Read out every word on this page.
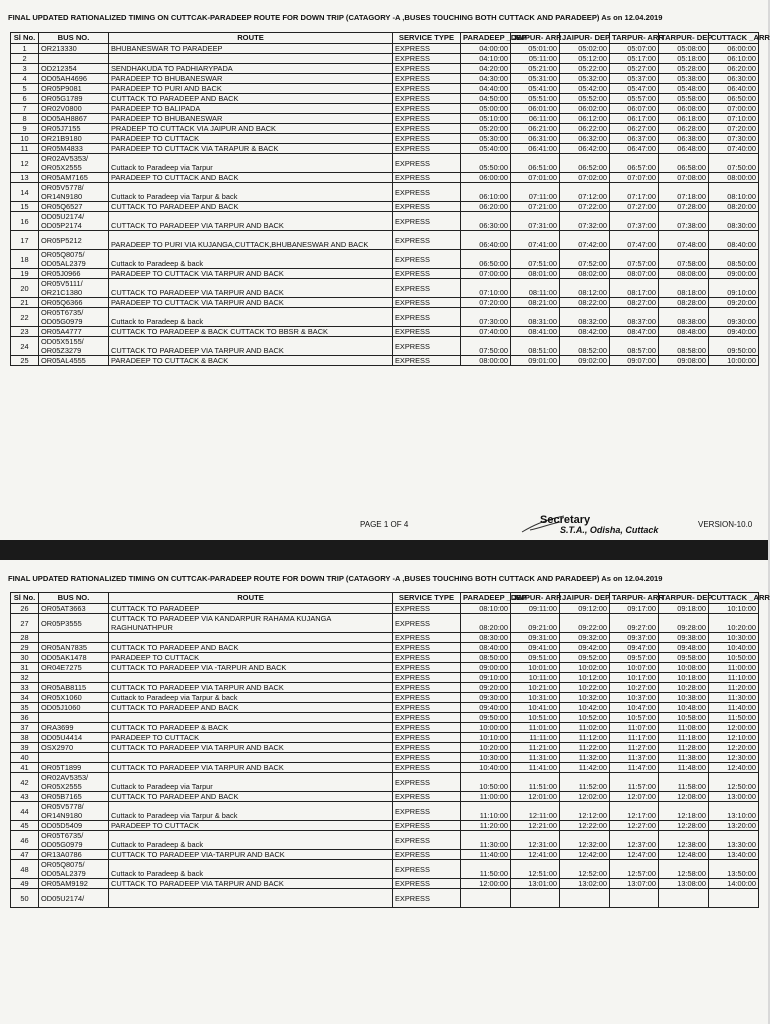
FINAL UPDATED RATIONALIZED TIMING ON CUTTCAK-PARADEEP ROUTE FOR DOWN TRIP (CATAGORY -A ,BUSES TOUCHING BOTH CUTTACK AND PARADEEP) As on 12.04.2019
Sl No.	BUS NO.	ROUTE	SERVICE TYPE	PARADEEP _DEP	JAIPUR- ARR	JAIPUR- DEP	TARPUR- ARR	TARPUR- DEP	CUTTACK _ARR
1	OR213330	BHUBANESWAR TO PARADEEP	EXPRESS	04:00:00	05:01:00	05:02:00	05:07:00	05:08:00	06:00:00
2			EXPRESS	04:10:00	05:11:00	05:12:00	05:17:00	05:18:00	06:10:00
3	OD212354	SENDHAKUDA TO PADHIARYPADA	EXPRESS	04:20:00	05:21:00	05:22:00	05:27:00	05:28:00	06:20:00
4	OD05AH4696	PARADEEP TO BHUBANESWAR	EXPRESS	04:30:00	05:31:00	05:32:00	05:37:00	05:38:00	06:30:00
5	OR05P9081	PARADEEP TO PURI AND BACK	EXPRESS	04:40:00	05:41:00	05:42:00	05:47:00	05:48:00	06:40:00
6	OR05G1789	CUTTACK TO PARADEEP AND BACK	EXPRESS	04:50:00	05:51:00	05:52:00	05:57:00	05:58:00	06:50:00
7	OR02V0800	PARADEEP TO BALIPADA	EXPRESS	05:00:00	06:01:00	06:02:00	06:07:00	06:08:00	07:00:00
8	OD05AH8867	PARADEEP TO BHUBANESWAR	EXPRESS	05:10:00	06:11:00	06:12:00	06:17:00	06:18:00	07:10:00
9	OR05J7155	PRADEEP TO CUTTACK VIA JAIPUR AND BACK	EXPRESS	05:20:00	06:21:00	06:22:00	06:27:00	06:28:00	07:20:00
10	OR21B9180	PARADEEP TO CUTTACK	EXPRESS	05:30:00	06:31:00	06:32:00	06:37:00	06:38:00	07:30:00
11	OR05M4833	PARADEEP TO CUTTACK VIA TARAPUR & BACK	EXPRESS	05:40:00	06:41:00	06:42:00	06:47:00	06:48:00	07:40:00
12	OR02AV5353/ OR05X2555	Cuttack to Paradeep via Tarpur	EXPRESS	05:50:00	06:51:00	06:52:00	06:57:00	06:58:00	07:50:00
13	OR05AM7165	PARADEEP TO CUTTACK AND BACK	EXPRESS	06:00:00	07:01:00	07:02:00	07:07:00	07:08:00	08:00:00
14	OR05V5778/ OR14N9180	Cuttack to Paradeep via Tarpur & back	EXPRESS	06:10:00	07:11:00	07:12:00	07:17:00	07:18:00	08:10:00
15	OR05Q6527	CUTTACK TO PARADEEP AND BACK	EXPRESS	06:20:00	07:21:00	07:22:00	07:27:00	07:28:00	08:20:00
16	OD05U2174/ OD05P2174	CUTTACK TO PARADEEP VIA TARPUR AND BACK	EXPRESS	06:30:00	07:31:00	07:32:00	07:37:00	07:38:00	08:30:00
17	OR05P5212	PARADEEP TO PURI VIA KUJANGA,CUTTACK,BHUBANESWAR AND BACK	EXPRESS	06:40:00	07:41:00	07:42:00	07:47:00	07:48:00	08:40:00
18	OR05Q8075/ OD05AL2379	Cuttack to Paradeep & back	EXPRESS	06:50:00	07:51:00	07:52:00	07:57:00	07:58:00	08:50:00
19	OR05J0966	PARADEEP TO CUTTACK VIA TARPUR AND BACK	EXPRESS	07:00:00	08:01:00	08:02:00	08:07:00	08:08:00	09:00:00
20	OR05V5111/ OR21C1380	CUTTACK TO PARADEEP VIA TARPUR AND BACK	EXPRESS	07:10:00	08:11:00	08:12:00	08:17:00	08:18:00	09:10:00
21	OR05Q6366	PARADEEP TO CUTTACK VIA TARPUR AND BACK	EXPRESS	07:20:00	08:21:00	08:22:00	08:27:00	08:28:00	09:20:00
22	OR05T6735/ OD05G0979	Cuttack to Paradeep & back	EXPRESS	07:30:00	08:31:00	08:32:00	08:37:00	08:38:00	09:30:00
23	OR05A4777	CUTTACK TO PARADEEP & BACK CUTTACK TO BBSR & BACK	EXPRESS	07:40:00	08:41:00	08:42:00	08:47:00	08:48:00	09:40:00
24	OD05X5155/ OR05Z3279	CUTTACK TO PARADEEP VIA TARPUR AND BACK	EXPRESS	07:50:00	08:51:00	08:52:00	08:57:00	08:58:00	09:50:00
25	OR05AL4555	PARADEEP TO CUTTACK & BACK	EXPRESS	08:00:00	09:01:00	09:02:00	09:07:00	09:08:00	10:00:00
PAGE 1 OF 4	Secretary
S.T.A., Odisha, Cuttack
VERSION-10.0
FINAL UPDATED RATIONALIZED TIMING ON CUTTCAK-PARADEEP ROUTE FOR DOWN TRIP (CATAGORY -A ,BUSES TOUCHING BOTH CUTTACK AND PARADEEP) As on 12.04.2019
Sl No.	BUS NO.	ROUTE	SERVICE TYPE	PARADEEP _DEP	JAIPUR- ARR	JAIPUR- DEP	TARPUR- ARR	TARPUR- DEP	CUTTACK _ARR
26	OR05AT3663	CUTTACK TO PARADEEP	EXPRESS	08:10:00	09:11:00	09:12:00	09:17:00	09:18:00	10:10:00
27	OR05P3555	CUTTACK TO PARADEEP VIA KANDARPUR RAHAMA KUJANGA RAGHUNATHPUR	EXPRESS	08:20:00	09:21:00	09:22:00	09:27:00	09:28:00	10:20:00
28			EXPRESS	08:30:00	09:31:00	09:32:00	09:37:00	09:38:00	10:30:00
29	OR05AN7835	CUTTACK TO PARADEEP AND BACK	EXPRESS	08:40:00	09:41:00	09:42:00	09:47:00	09:48:00	10:40:00
30	OD05AK1478	PARADEEP TO CUTTACK	EXPRESS	08:50:00	09:51:00	09:52:00	09:57:00	09:58:00	10:50:00
31	OR04E7275	CUTTACK TO PARADEEP VIA -TARPUR AND BACK	EXPRESS	09:00:00	10:01:00	10:02:00	10:07:00	10:08:00	11:00:00
32			EXPRESS	09:10:00	10:11:00	10:12:00	10:17:00	10:18:00	11:10:00
33	OR05AB8115	CUTTACK TO PARADEEP VIA TARPUR AND BACK	EXPRESS	09:20:00	10:21:00	10:22:00	10:27:00	10:28:00	11:20:00
34	OR05X1060	Cuttack to Paradeep via Tarpur & back	EXPRESS	09:30:00	10:31:00	10:32:00	10:37:00	10:38:00	11:30:00
35	OD05J1060	CUTTACK TO PARADEEP AND BACK	EXPRESS	09:40:00	10:41:00	10:42:00	10:47:00	10:48:00	11:40:00
36			EXPRESS	09:50:00	10:51:00	10:52:00	10:57:00	10:58:00	11:50:00
37	ORA3699	CUTTACK TO PARADEEP & BACK	EXPRESS	10:00:00	11:01:00	11:02:00	11:07:00	11:08:00	12:00:00
38	OD05U4414	PARADEEP TO CUTTACK	EXPRESS	10:10:00	11:11:00	11:12:00	11:17:00	11:18:00	12:10:00
39	OSX2970	CUTTACK TO PARADEEP VIA TARPUR AND BACK	EXPRESS	10:20:00	11:21:00	11:22:00	11:27:00	11:28:00	12:20:00
40			EXPRESS	10:30:00	11:31:00	11:32:00	11:37:00	11:38:00	12:30:00
41	OR05T1899	CUTTACK TO PARADEEP VIA TARPUR AND BACK	EXPRESS	10:40:00	11:41:00	11:42:00	11:47:00	11:48:00	12:40:00
42	OR02AV5353/ OR05X2555	Cuttack to Paradeep via Tarpur	EXPRESS	10:50:00	11:51:00	11:52:00	11:57:00	11:58:00	12:50:00
43	OR05B7165	CUTTACK TO PARADEEP AND BACK	EXPRESS	11:00:00	12:01:00	12:02:00	12:07:00	12:08:00	13:00:00
44	OR05V5778/ OR14N9180	Cuttack to Paradeep via Tarpur & back	EXPRESS	11:10:00	12:11:00	12:12:00	12:17:00	12:18:00	13:10:00
45	OD05D5409	PARADEEP TO CUTTACK	EXPRESS	11:20:00	12:21:00	12:22:00	12:27:00	12:28:00	13:20:00
46	OR05T6735/ OD05G0979	Cuttack to Paradeep & back	EXPRESS	11:30:00	12:31:00	12:32:00	12:37:00	12:38:00	13:30:00
47	OR13A0786	CUTTACK TO PARADEEP VIA-TARPUR AND BACK	EXPRESS	11:40:00	12:41:00	12:42:00	12:47:00	12:48:00	13:40:00
48	OR05Q8075/ OD05AL2379	Cuttack to Paradeep & back	EXPRESS	11:50:00	12:51:00	12:52:00	12:57:00	12:58:00	13:50:00
49	OR05AM9192	CUTTACK TO PARADEEP VIA TARPUR AND BACK	EXPRESS	12:00:00	13:01:00	13:02:00	13:07:00	13:08:00	14:00:00
50	OD05U2174/		EXPRESS						
